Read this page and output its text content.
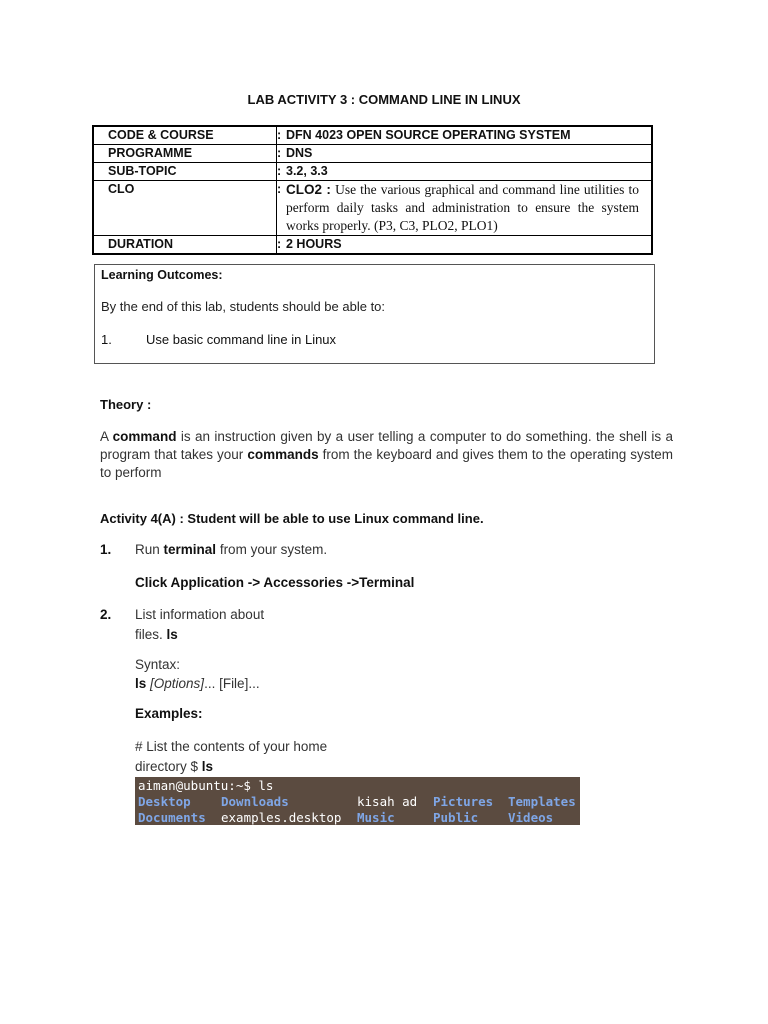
LAB ACTIVITY 3 : COMMAND LINE IN LINUX
CODE & COURSE	: DFN 4023 OPEN SOURCE OPERATING SYSTEM
PROGRAMME	: DNS
SUB-TOPIC	: 3.2, 3.3
CLO	: CLO2 : Use the various graphical and command line utilities to perform daily tasks and administration to ensure the system works properly. (P3, C3, PLO2, PLO1)

DURATION	: 2 HOURS
Learning Outcomes:
By the end of this lab, students should be able to:
1.	Use basic command line in Linux
Theory :
A command is an instruction given by a user telling a computer to do something. the shell is a program that takes your commands from the keyboard and gives them to the operating system to perform
Activity 4(A) : Student will be able to use Linux command line.
1. Run terminal from your system.
Click Application -> Accessories ->Terminal
2. List information about
files. ls
Syntax:
ls [Options]... [File]...
Examples:
# List the contents of your home
directory $ ls
aiman@ubuntu:~$ ls
Desktop Downloads	kisah ad Pictures Templates
Documents examples.desktop Music	Public Videos
